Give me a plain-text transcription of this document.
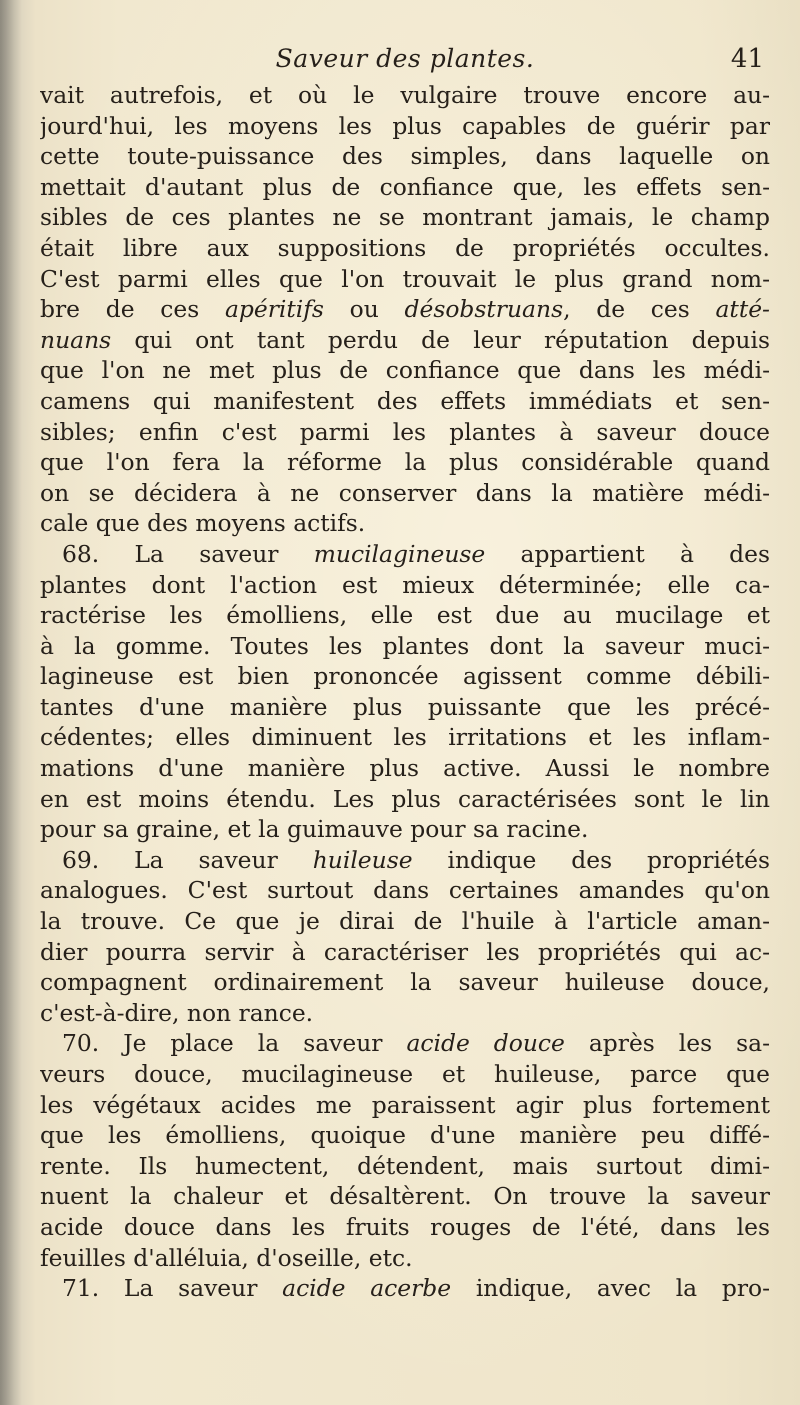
Saveur des plantes.	41
vait autrefois, et où le vulgaire trouve encore au-
jourd'hui, les moyens les plus capables de guérir par
cette toute-puissance des simples, dans laquelle on
mettait d'autant plus de confiance que, les effets sen-
sibles de ces plantes ne se montrant jamais, le champ
était libre aux suppositions de propriétés occultes.
C'est parmi elles que l'on trouvait le plus grand nom-
bre de ces apéritifs ou désobstruans, de ces atté-
nuans qui ont tant perdu de leur réputation depuis
que l'on ne met plus de confiance que dans les médi-
camens qui manifestent des effets immédiats et sen-
sibles; enfin c'est parmi les plantes à saveur douce
que l'on fera la réforme la plus considérable quand
on se décidera à ne conserver dans la matière médi-
cale que des moyens actifs.
68. La saveur mucilagineuse appartient à des
plantes dont l'action est mieux déterminée; elle ca-
ractérise les émolliens, elle est due au mucilage et
à la gomme. Toutes les plantes dont la saveur muci-
lagineuse est bien prononcée agissent comme débili-
tantes d'une manière plus puissante que les précé-
cédentes; elles diminuent les irritations et les inflam-
mations d'une manière plus active. Aussi le nombre
en est moins étendu. Les plus caractérisées sont le lin
pour sa graine, et la guimauve pour sa racine.
69. La saveur huileuse indique des propriétés
analogues. C'est surtout dans certaines amandes qu'on
la trouve. Ce que je dirai de l'huile à l'article aman-
dier pourra servir à caractériser les propriétés qui ac-
compagnent ordinairement la saveur huileuse douce,
c'est-à-dire, non rance.
70. Je place la saveur acide douce après les sa-
veurs douce, mucilagineuse et huileuse, parce que
les végétaux acides me paraissent agir plus fortement
que les émolliens, quoique d'une manière peu diffé-
rente. Ils humectent, détendent, mais surtout dimi-
nuent la chaleur et désaltèrent. On trouve la saveur
acide douce dans les fruits rouges de l'été, dans les
feuilles d'alléluia, d'oseille, etc.
71. La saveur acide acerbe indique, avec la pro-
